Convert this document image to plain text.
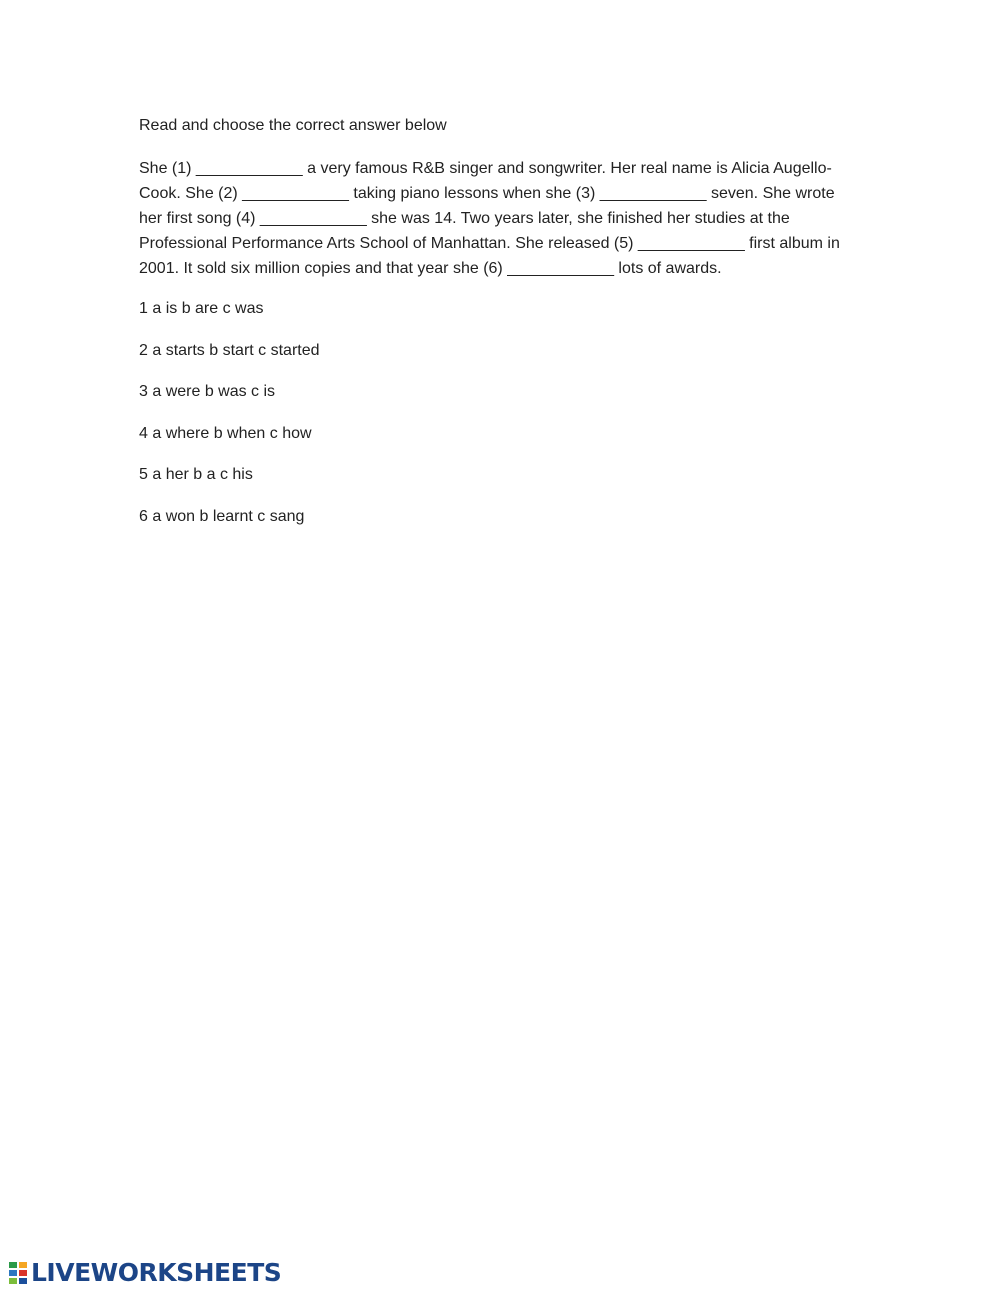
Read and choose the correct answer below
She (1) ____________ a very famous R&B singer and songwriter. Her real name is Alicia Augello-
Cook. She (2) ____________ taking piano lessons when she (3) ____________ seven. She wrote
her first song (4) ____________ she was 14. Two years later, she finished her studies at the
Professional Performance Arts School of Manhattan. She released (5) ____________ first album in
2001. It sold six million copies and that year she (6) ____________ lots of awards.
1 a is b are c was
2 a starts b start c started
3 a were b was c is
4 a where b when c how
5 a her b a c his
6 a won b learnt c sang
LIVEWORKSHEETS
